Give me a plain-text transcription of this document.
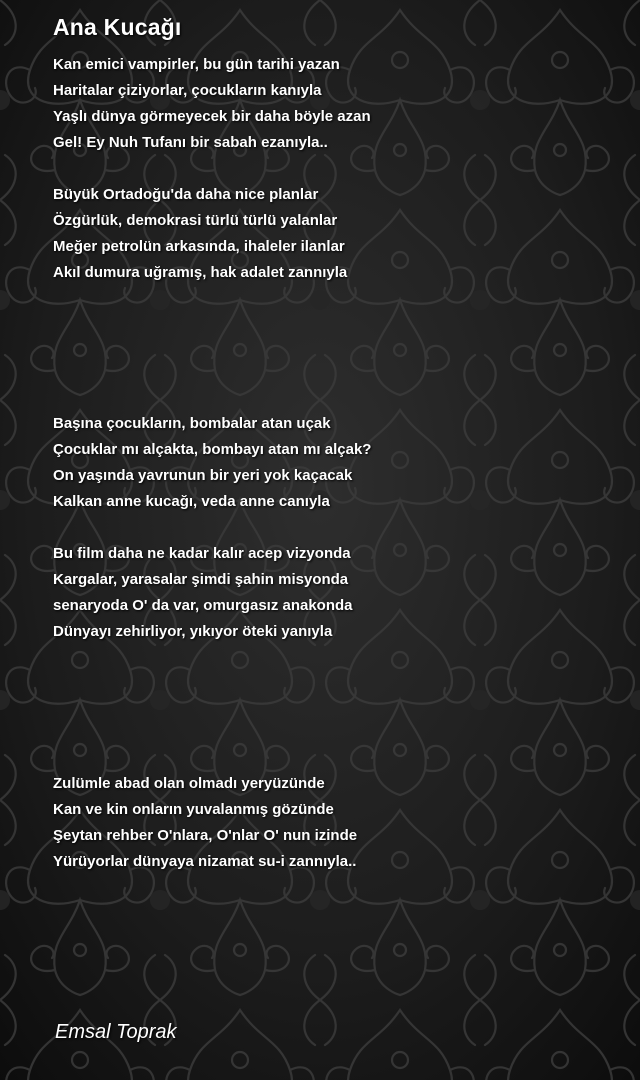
Ana Kucağı
Kan emici vampirler, bu gün tarihi yazan
Haritalar çiziyorlar, çocukların kanıyla
Yaşlı dünya görmeyecek bir daha böyle azan
Gel! Ey Nuh Tufanı bir sabah ezanıyla..
Büyük Ortadoğu'da daha nice planlar
Özgürlük, demokrasi türlü türlü yalanlar
Meğer petrolün arkasında, ihaleler ilanlar
Akıl dumura uğramış, hak adalet zannıyla
Başına çocukların, bombalar atan uçak
Çocuklar mı alçakta, bombayı atan mı alçak?
On yaşında yavrunun bir yeri yok kaçacak
Kalkan anne kucağı, veda anne canıyla
Bu film daha ne kadar kalır acep vizyonda
Kargalar, yarasalar şimdi şahin misyonda
senaryoda O' da var, omurgasız anakonda
Dünyayı zehirliyor, yıkıyor öteki yanıyla
Zulümle abad olan olmadı yeryüzünde
Kan ve kin onların yuvalanmış gözünde
Şeytan rehber O'nlara, O'nlar O' nun izinde
Yürüyorlar dünyaya nizamat su-i zannıyla..

Emsal Toprak
